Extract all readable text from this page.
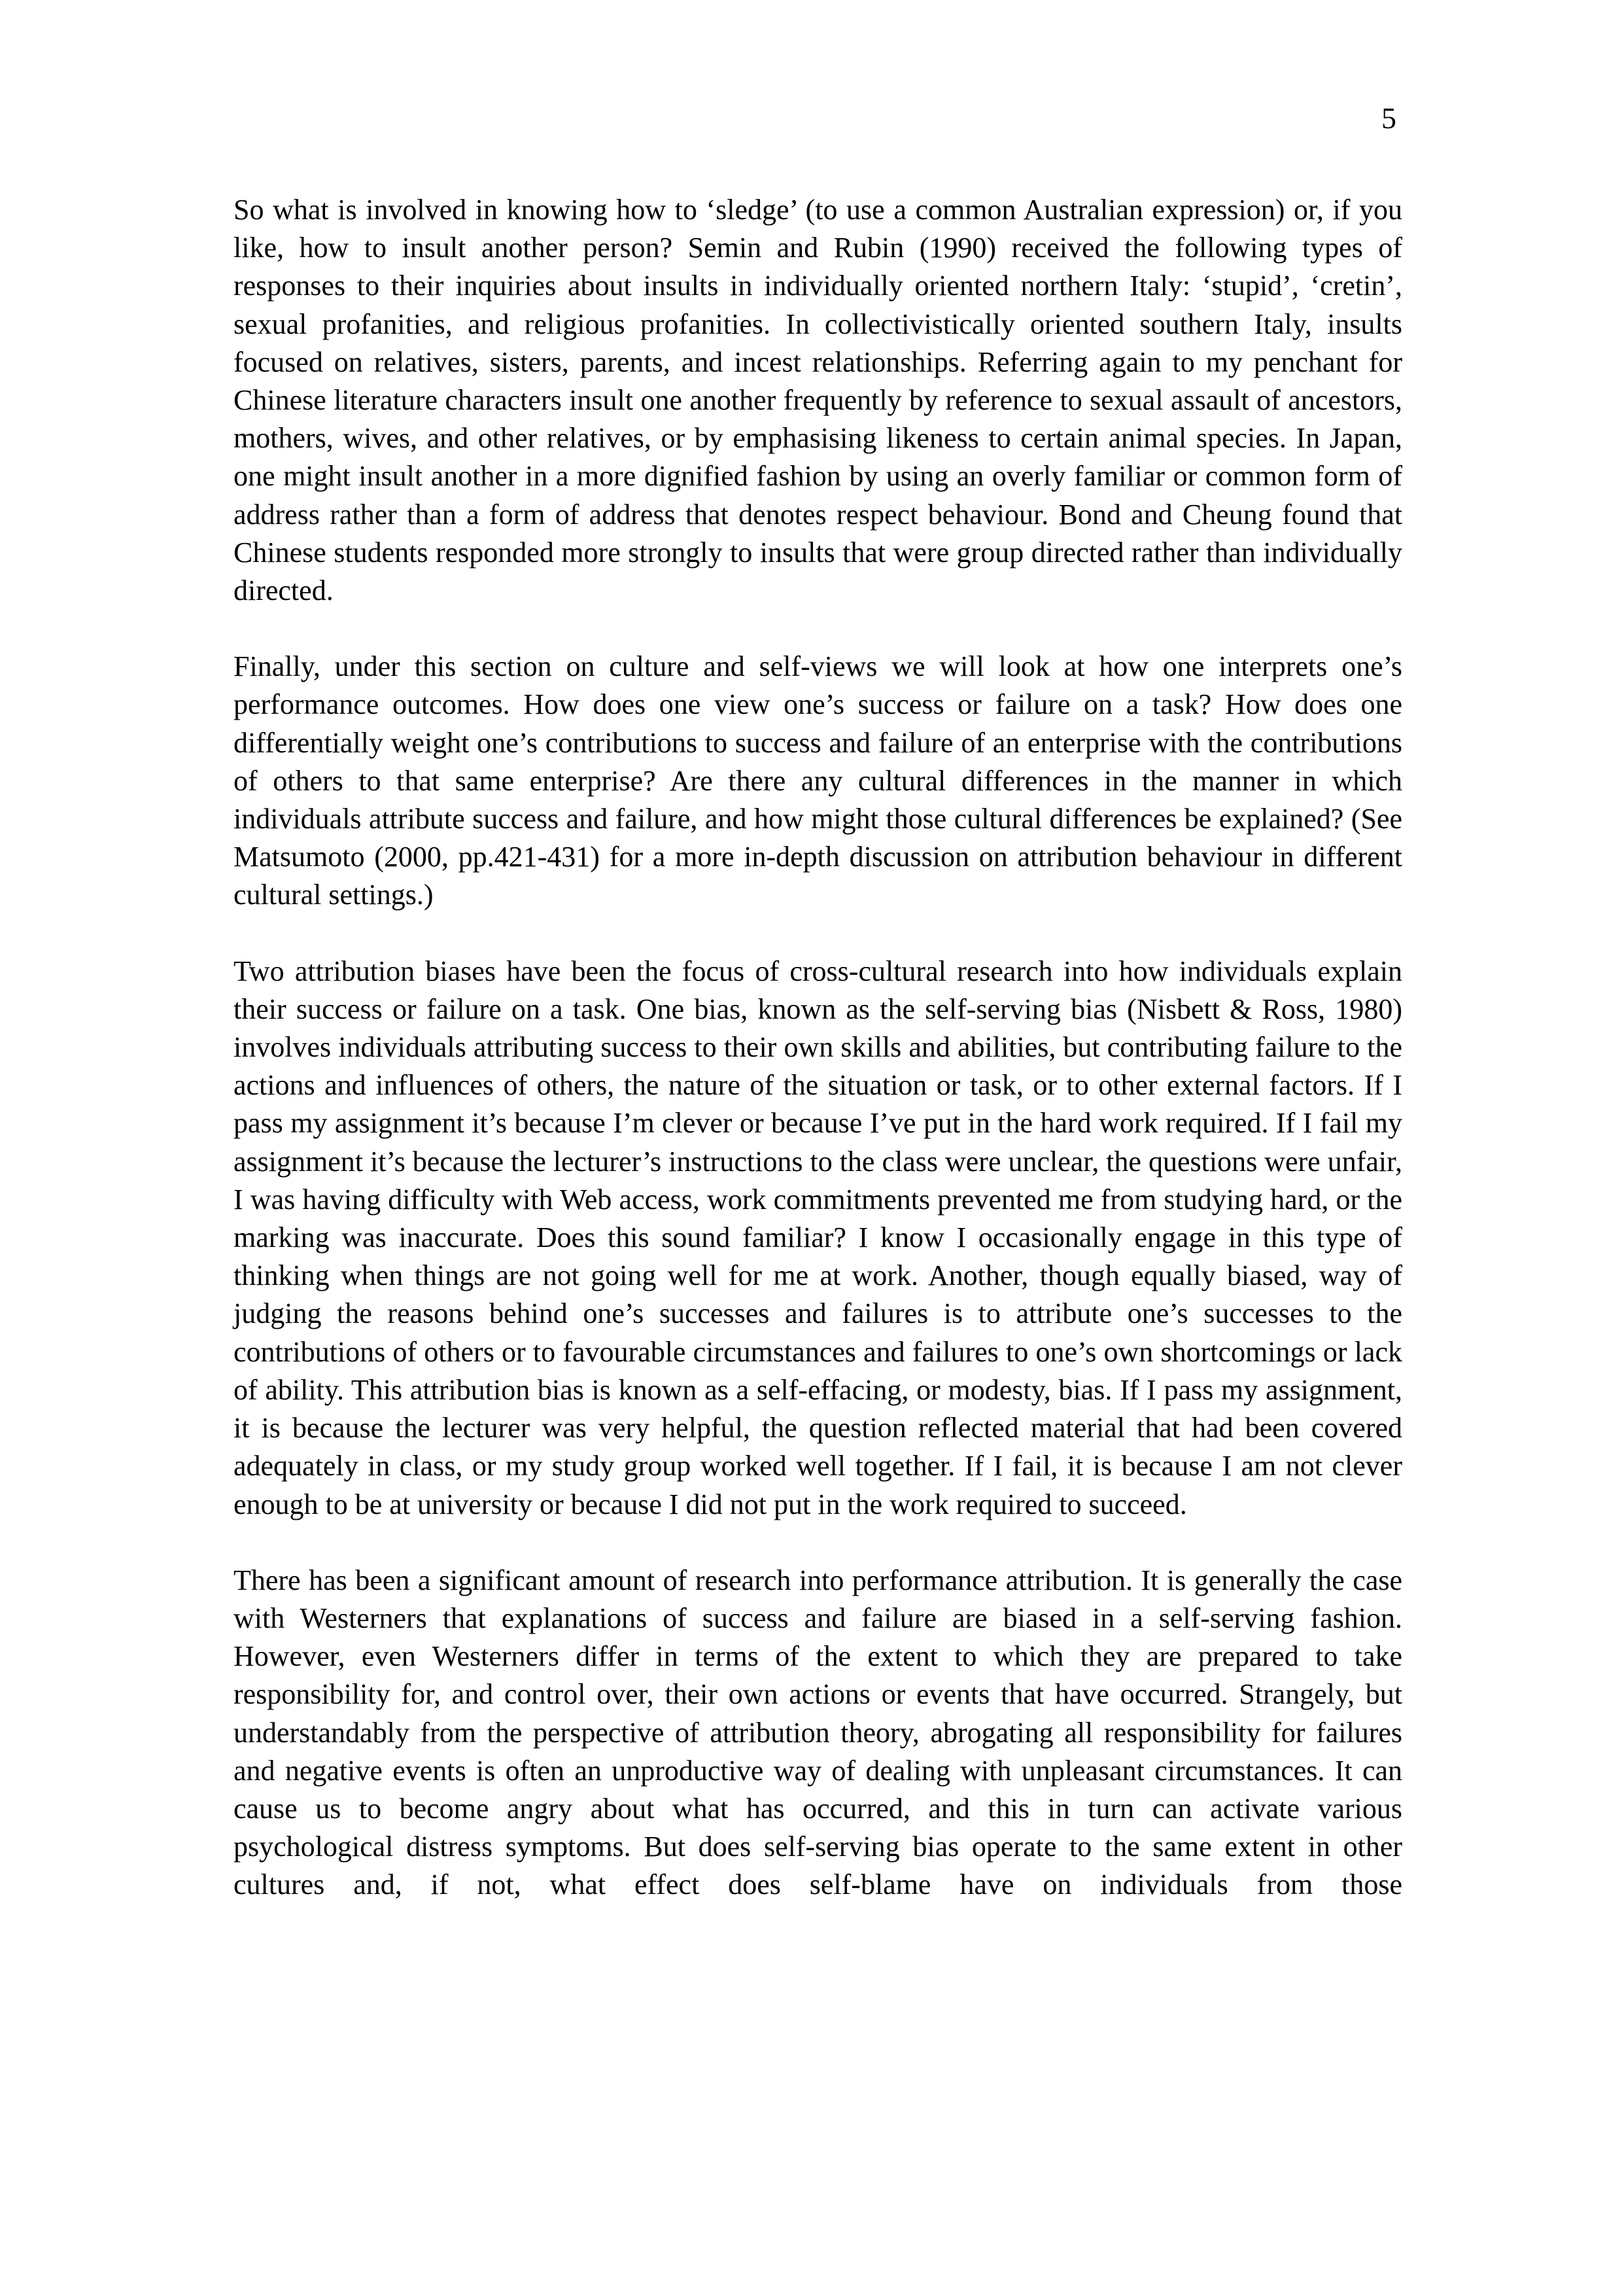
5

So what is involved in knowing how to ‘sledge’ (to use a common Australian expression) or, if you like, how to insult another person? Semin and Rubin (1990) received the following types of responses to their inquiries about insults in individually oriented northern Italy: ‘stupid’, ‘cretin’, sexual profanities, and religious profanities. In collectivistically oriented southern Italy, insults focused on relatives, sisters, parents, and incest relationships. Referring again to my penchant for Chinese literature characters insult one another frequently by reference to sexual assault of ancestors, mothers, wives, and other relatives, or by emphasising likeness to certain animal species. In Japan, one might insult another in a more dignified fashion by using an overly familiar or common form of address rather than a form of address that denotes respect behaviour. Bond and Cheung found that Chinese students responded more strongly to insults that were group directed rather than individually directed.

Finally, under this section on culture and self-views we will look at how one interprets one’s performance outcomes. How does one view one’s success or failure on a task? How does one differentially weight one’s contributions to success and failure of an enterprise with the contributions of others to that same enterprise? Are there any cultural differences in the manner in which individuals attribute success and failure, and how might those cultural differences be explained? (See Matsumoto (2000, pp.421-431) for a more in-depth discussion on attribution behaviour in different cultural settings.)

Two attribution biases have been the focus of cross-cultural research into how individuals explain their success or failure on a task. One bias, known as the self-serving bias (Nisbett & Ross, 1980) involves individuals attributing success to their own skills and abilities, but contributing failure to the actions and influences of others, the nature of the situation or task, or to other external factors. If I pass my assignment it’s because I’m clever or because I’ve put in the hard work required. If I fail my assignment it’s because the lecturer’s instructions to the class were unclear, the questions were unfair, I was having difficulty with Web access, work commitments prevented me from studying hard, or the marking was inaccurate. Does this sound familiar? I know I occasionally engage in this type of thinking when things are not going well for me at work. Another, though equally biased, way of judging the reasons behind one’s successes and failures is to attribute one’s successes to the contributions of others or to favourable circumstances and failures to one’s own shortcomings or lack of ability. This attribution bias is known as a self-effacing, or modesty, bias. If I pass my assignment, it is because the lecturer was very helpful, the question reflected material that had been covered adequately in class, or my study group worked well together. If I fail, it is because I am not clever enough to be at university or because I did not put in the work required to succeed.

There has been a significant amount of research into performance attribution. It is generally the case with Westerners that explanations of success and failure are biased in a self-serving fashion. However, even Westerners differ in terms of the extent to which they are prepared to take responsibility for, and control over, their own actions or events that have occurred. Strangely, but understandably from the perspective of attribution theory, abrogating all responsibility for failures and negative events is often an unproductive way of dealing with unpleasant circumstances. It can cause us to become angry about what has occurred, and this in turn can activate various psychological distress symptoms. But does self-serving bias operate to the same extent in other cultures and, if not, what effect does self-blame have on individuals from those
